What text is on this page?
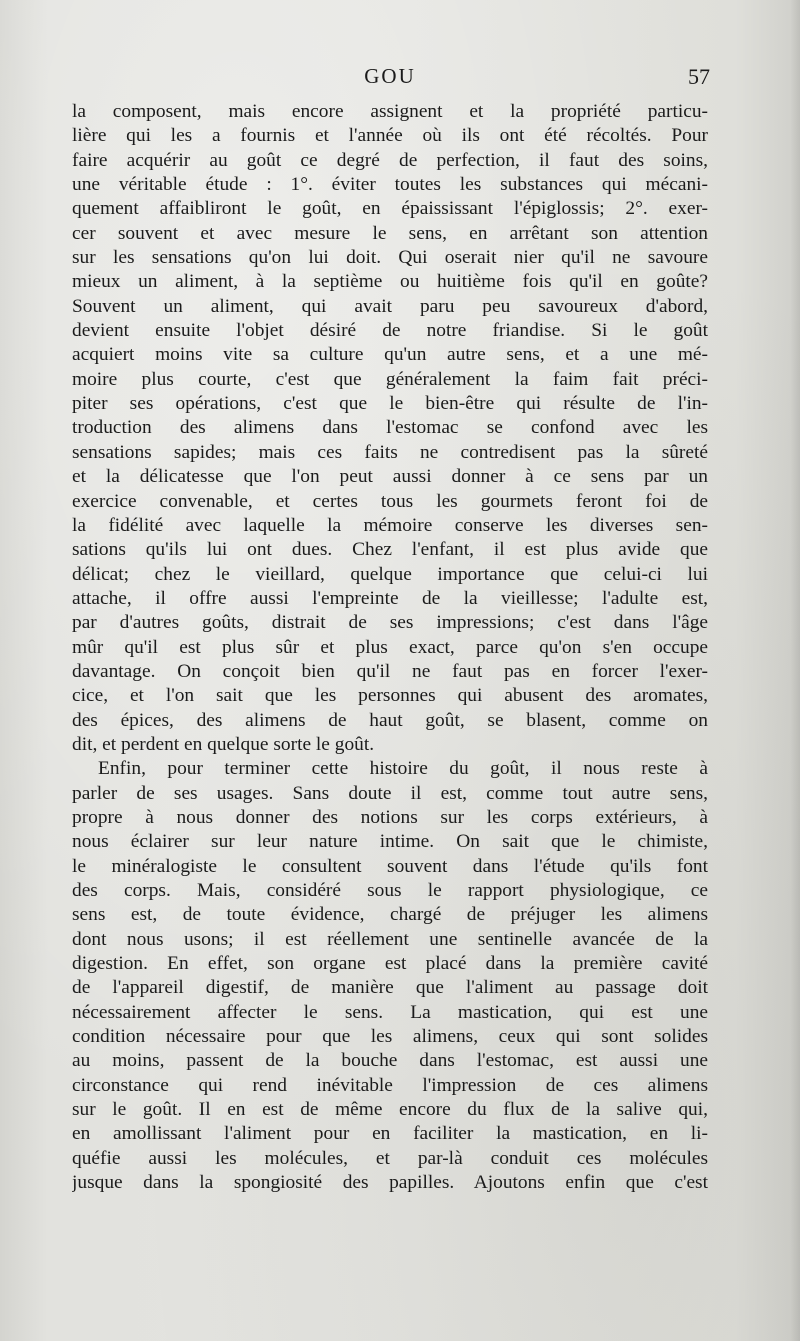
GOU	57
la composent, mais encore assignent et la propriété particu-
lière qui les a fournis et l'année où ils ont été récoltés. Pour
faire acquérir au goût ce degré de perfection, il faut des soins,
une véritable étude : 1°. éviter toutes les substances qui mécani-
quement affaibliront le goût, en épaississant l'épiglossis; 2°. exer-
cer souvent et avec mesure le sens, en arrêtant son attention
sur les sensations qu'on lui doit. Qui oserait nier qu'il ne savoure
mieux un aliment, à la septième ou huitième fois qu'il en goûte?
Souvent un aliment, qui avait paru peu savoureux d'abord,
devient ensuite l'objet désiré de notre friandise. Si le goût
acquiert moins vite sa culture qu'un autre sens, et a une mé-
moire plus courte, c'est que généralement la faim fait préci-
piter ses opérations, c'est que le bien-être qui résulte de l'in-
troduction des alimens dans l'estomac se confond avec les
sensations sapides; mais ces faits ne contredisent pas la sûreté
et la délicatesse que l'on peut aussi donner à ce sens par un
exercice convenable, et certes tous les gourmets feront foi de
la fidélité avec laquelle la mémoire conserve les diverses sen-
sations qu'ils lui ont dues. Chez l'enfant, il est plus avide que
délicat; chez le vieillard, quelque importance que celui-ci lui
attache, il offre aussi l'empreinte de la vieillesse; l'adulte est,
par d'autres goûts, distrait de ses impressions; c'est dans l'âge
mûr qu'il est plus sûr et plus exact, parce qu'on s'en occupe
davantage. On conçoit bien qu'il ne faut pas en forcer l'exer-
cice, et l'on sait que les personnes qui abusent des aromates,
des épices, des alimens de haut goût, se blasent, comme on
dit, et perdent en quelque sorte le goût.
Enfin, pour terminer cette histoire du goût, il nous reste à
parler de ses usages. Sans doute il est, comme tout autre sens,
propre à nous donner des notions sur les corps extérieurs, à
nous éclairer sur leur nature intime. On sait que le chimiste,
le minéralogiste le consultent souvent dans l'étude qu'ils font
des corps. Mais, considéré sous le rapport physiologique, ce
sens est, de toute évidence, chargé de préjuger les alimens
dont nous usons; il est réellement une sentinelle avancée de la
digestion. En effet, son organe est placé dans la première cavité
de l'appareil digestif, de manière que l'aliment au passage doit
nécessairement affecter le sens. La mastication, qui est une
condition nécessaire pour que les alimens, ceux qui sont solides
au moins, passent de la bouche dans l'estomac, est aussi une
circonstance qui rend inévitable l'impression de ces alimens
sur le goût. Il en est de même encore du flux de la salive qui,
en amollissant l'aliment pour en faciliter la mastication, en li-
quéfie aussi les molécules, et par-là conduit ces molécules
jusque dans la spongiosité des papilles. Ajoutons enfin que c'est
